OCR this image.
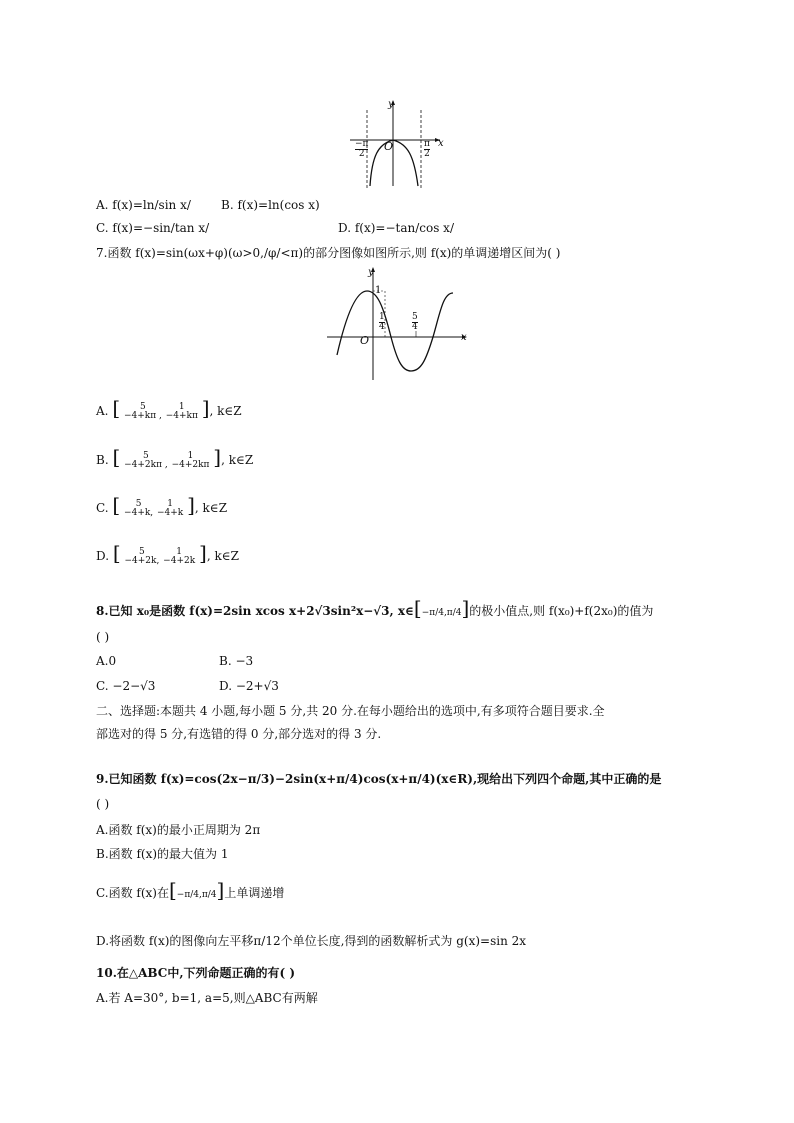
y
x
O
$\frac{-\pi}{2}$	$\frac{\pi}{2}$
A. f(x)=ln/sin x/	B. f(x)=ln(cos x)
C. f(x)=−sin/tan x/	D. f(x)=−tan/cos x/
7.函数 f(x)=sin(ωx+φ)(ω>0,/φ/<π)的部分图像如图所示,则 f(x)的单调递增区间为( )
y
x
O
1
$\frac{1}{4}$	$\frac{5}{4}$
A. [	5
−4+kπ ,

1
−4+kπ ], k∈Z
B. [	5
−4+2kπ ,

1
−4+2kπ ], k∈Z
C. [	5
−4+k,

1
−4+k ], k∈Z
D. [	5
−4+2k,

1
−4+2k ], k∈Z
8.已知 x₀是函数 f(x)=2sin xcos x+2√3sin²x−√3, x∈[−π/4,π/4]的极小值点,则 f(x₀)+f(2x₀)的值为
( )
A.0	B. −3
C. −2−√3	D. −2+√3
二、选择题:本题共 4 小题,每小题 5 分,共 20 分.在每小题给出的选项中,有多项符合题目要求.全
部选对的得 5 分,有选错的得 0 分,部分选对的得 3 分.
9.已知函数 f(x)=cos(2x−π/3)−2sin(x+π/4)cos(x+π/4)(x∈R),现给出下列四个命题,其中正确的是
( )
A.函数 f(x)的最小正周期为 2π
B.函数 f(x)的最大值为 1
C.函数 f(x)在[−π/4,π/4]上单调递增
D.将函数 f(x)的图像向左平移π/12个单位长度,得到的函数解析式为 g(x)=sin 2x
10.在△ABC中,下列命题正确的有( )
A.若 A=30°, b=1, a=5,则△ABC有两解
